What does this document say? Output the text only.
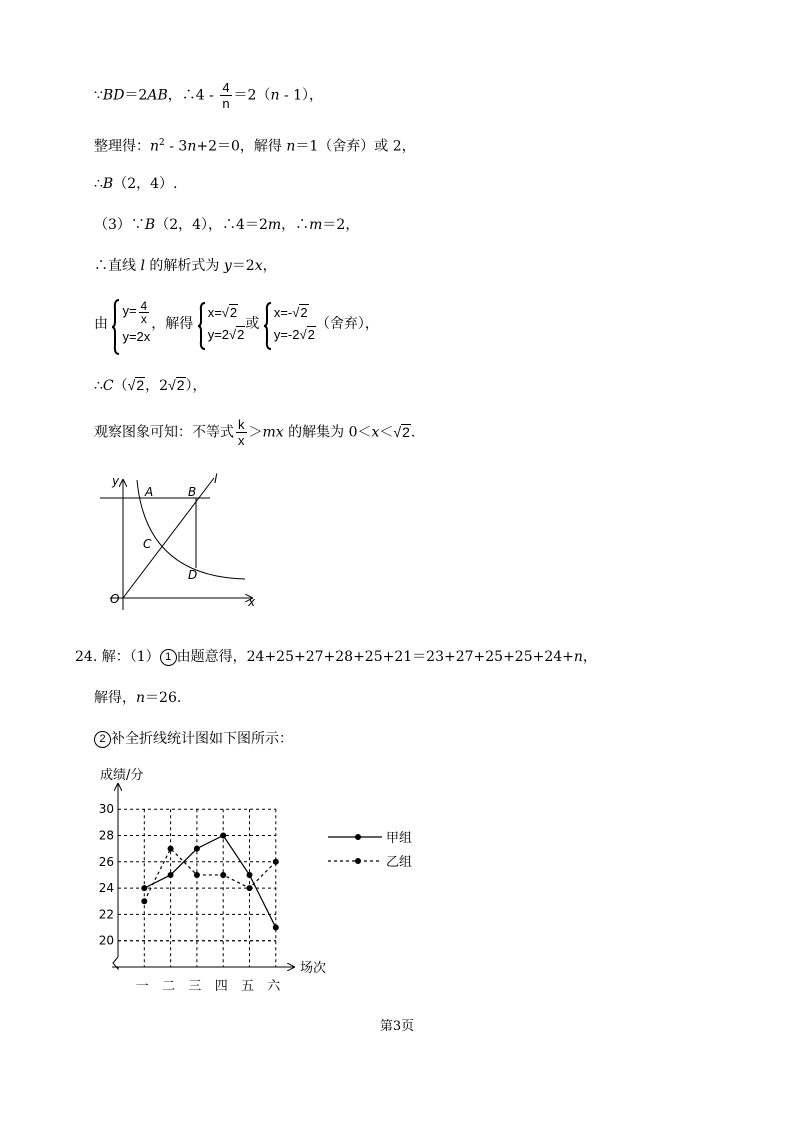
∵BD＝2AB，∴4 - $\frac{4}{n} =2(n - 1)$，
整理得：$n^2 - 3n+2=0$，解得 n＝1（舍弃）或 2，
∴B（2，4）.
（3）∵B（2，4），∴4＝2m，∴m＝2，
∴直线 l 的解析式为 y＝2x，
由
$y= \frac{4}{x}$
y=2x
，解得
x=√2
y=2√2
或
x=-√2
y=-2√2
（舍弃），
∴C（√2，2√2），
观察图象可知：不等式 $\frac{k}{x} >mx$ 的解集为 0＜x＜√2.
y
x
O
A	B
C
D
l
24. 解：（1） 1 由题意得，24+25+27+28+25+21＝23+27+25+25+24+n，
解得，n＝26.
2 补全折线统计图如下图所示：
30
28
26
24
22
20
一 二 三 四 五 六
成绩/分
场次
甲组
乙组
第3页
